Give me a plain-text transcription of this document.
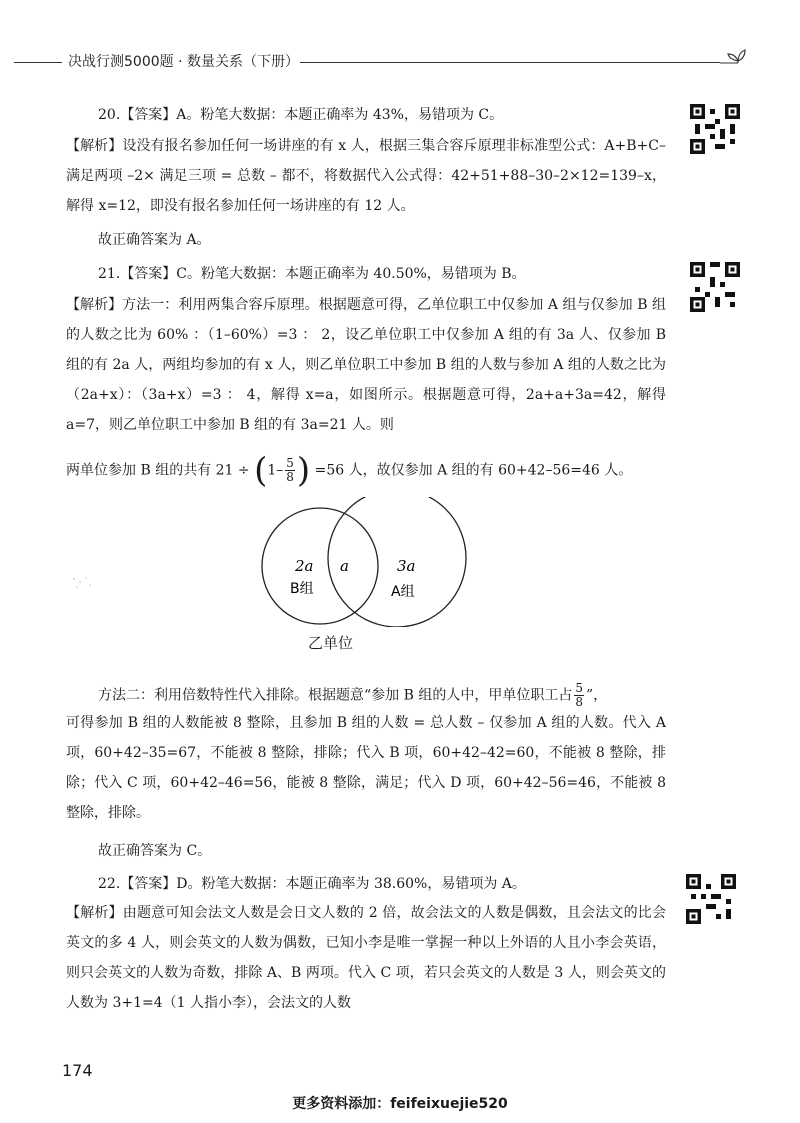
决战行测5000题 · 数量关系（下册）
20.【答案】A。粉笔大数据：本题正确率为 43%，易错项为 C。

【解析】设没有报名参加任何一场讲座的有 x 人，根据三集合容斥原理非标准型公式：A+B+C– 满足两项 –2× 满足三项 = 总数 – 都不，将数据代入公式得：42+51+88–30–2×12=139–x，解得 x=12，即没有报名参加任何一场讲座的有 12 人。

故正确答案为 A。
21.【答案】C。粉笔大数据：本题正确率为 40.50%，易错项为 B。

【解析】方法一：利用两集合容斥原理。根据题意可得，乙单位职工中仅参加 A 组与仅参加 B 组的人数之比为 60% ：（1–60%）=3 ： 2，设乙单位职工中仅参加 A 组的有 3a 人、仅参加 B 组的有 2a 人，两组均参加的有 x 人，则乙单位职工中参加 B 组的人数与参加 A 组的人数之比为（2a+x）：（3a+x）=3 ： 4，解得 x=a，如图所示。根据题意可得，2a+a+3a=42，解得 a=7，则乙单位职工中参加 B 组的有 3a=21 人。则

两单位参加 B 组的共有 $21 \div (1- \frac{5}{8}$ ) =56 人，故仅参加 A 组的有 60+42–56=46 人。
2a
B组
a	3a
A组
乙单位
方法二：利用倍数特性代入排除。根据题意“参加 B 组的人中，甲单位职工占 $\frac{5}{8}$ ”，

可得参加 B 组的人数能被 8 整除，且参加 B 组的人数 = 总人数 – 仅参加 A 组的人数。代入 A 项，60+42–35=67，不能被 8 整除，排除；代入 B 项，60+42–42=60，不能被 8 整除，排除；代入 C 项，60+42–46=56，能被 8 整除，满足；代入 D 项，60+42–56=46，不能被 8 整除，排除。

故正确答案为 C。
22.【答案】D。粉笔大数据：本题正确率为 38.60%，易错项为 A。

【解析】由题意可知会法文人数是会日文人数的 2 倍，故会法文的人数是偶数，且会法文的比会英文的多 4 人，则会英文的人数为偶数，已知小李是唯一掌握一种以上外语的人且小李会英语，则只会英文的人数为奇数，排除 A、B 两项。代入 C 项，若只会英文的人数是 3 人，则会英文的人数为 3+1=4（1 人指小李），会法文的人数

174
更多资料添加：feifeixuejie520
